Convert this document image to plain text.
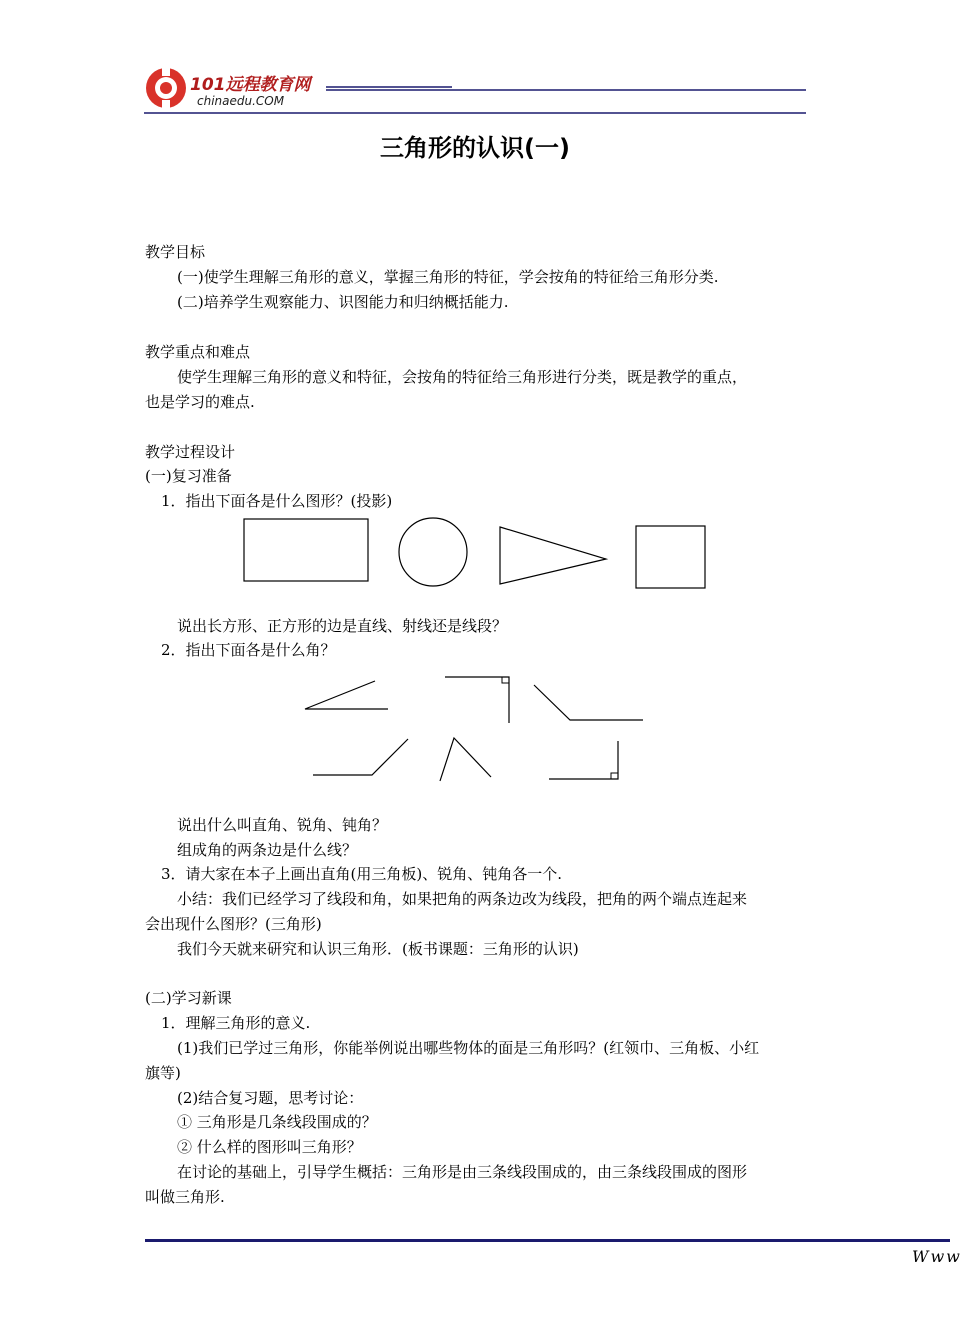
101远程教育网
chinaedu.COM
三角形的认识(一)
教学目标
(一)使学生理解三角形的意义，掌握三角形的特征，学会按角的特征给三角形分类.
(二)培养学生观察能力、识图能力和归纳概括能力.
教学重点和难点
使学生理解三角形的意义和特征，会按角的特征给三角形进行分类，既是教学的重点，
也是学习的难点.
教学过程设计
(一)复习准备
1．指出下面各是什么图形？(投影)
说出长方形、正方形的边是直线、射线还是线段？
2．指出下面各是什么角？
说出什么叫直角、锐角、钝角？
组成角的两条边是什么线？
3．请大家在本子上画出直角(用三角板)、锐角、钝角各一个.
小结：我们已经学习了线段和角，如果把角的两条边改为线段，把角的两个端点连起来
会出现什么图形？(三角形)
我们今天就来研究和认识三角形．(板书课题：三角形的认识)
(二)学习新课
1．理解三角形的意义.
(1)我们已学过三角形，你能举例说出哪些物体的面是三角形吗？(红领巾、三角板、小红
旗等)
(2)结合复习题，思考讨论：
① 三角形是几条线段围成的？
② 什么样的图形叫三角形？
在讨论的基础上，引导学生概括：三角形是由三条线段围成的，由三条线段围成的图形
叫做三角形.
Www
